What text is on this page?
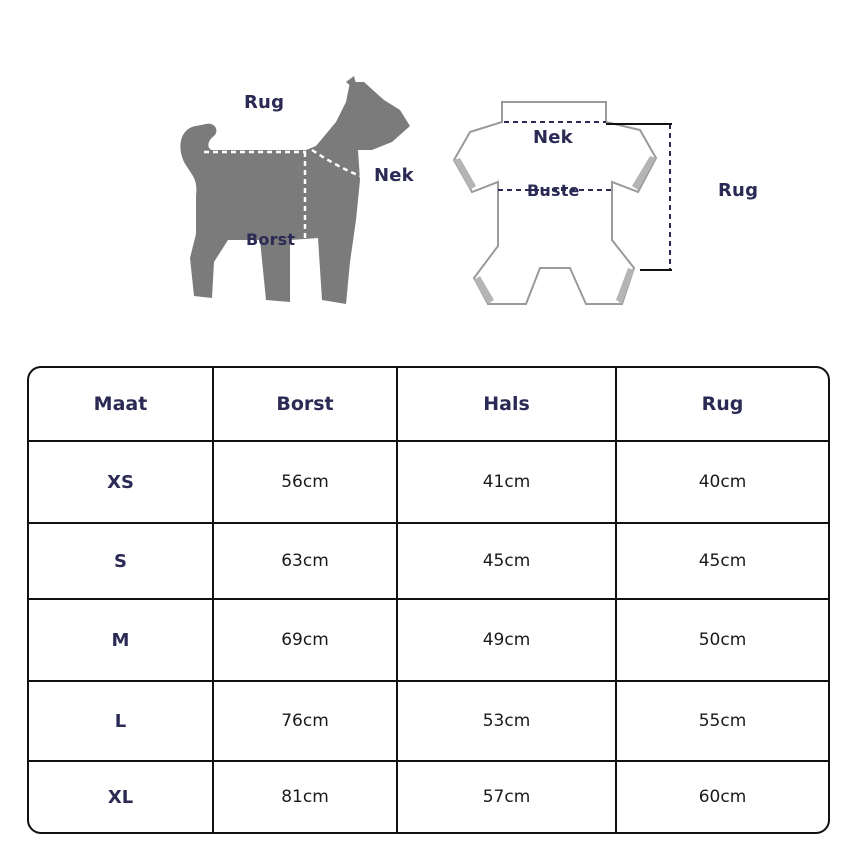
Rug
Nek
Borst
Nek
Buste	Rug
Maat	Borst	Hals	Rug
XS	56cm	41cm	40cm
S	63cm	45cm	45cm
M	69cm	49cm	50cm
L	76cm	53cm	55cm
XL	81cm	57cm	60cm
